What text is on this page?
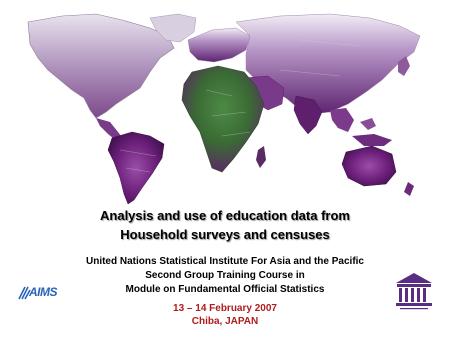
Analysis and use of education data from
Household surveys and censuses
United Nations Statistical Institute For Asia and the Pacific
Second Group Training Course in
Module on Fundamental Official Statistics
13 – 14 February 2007
Chiba, JAPAN
AIMS
